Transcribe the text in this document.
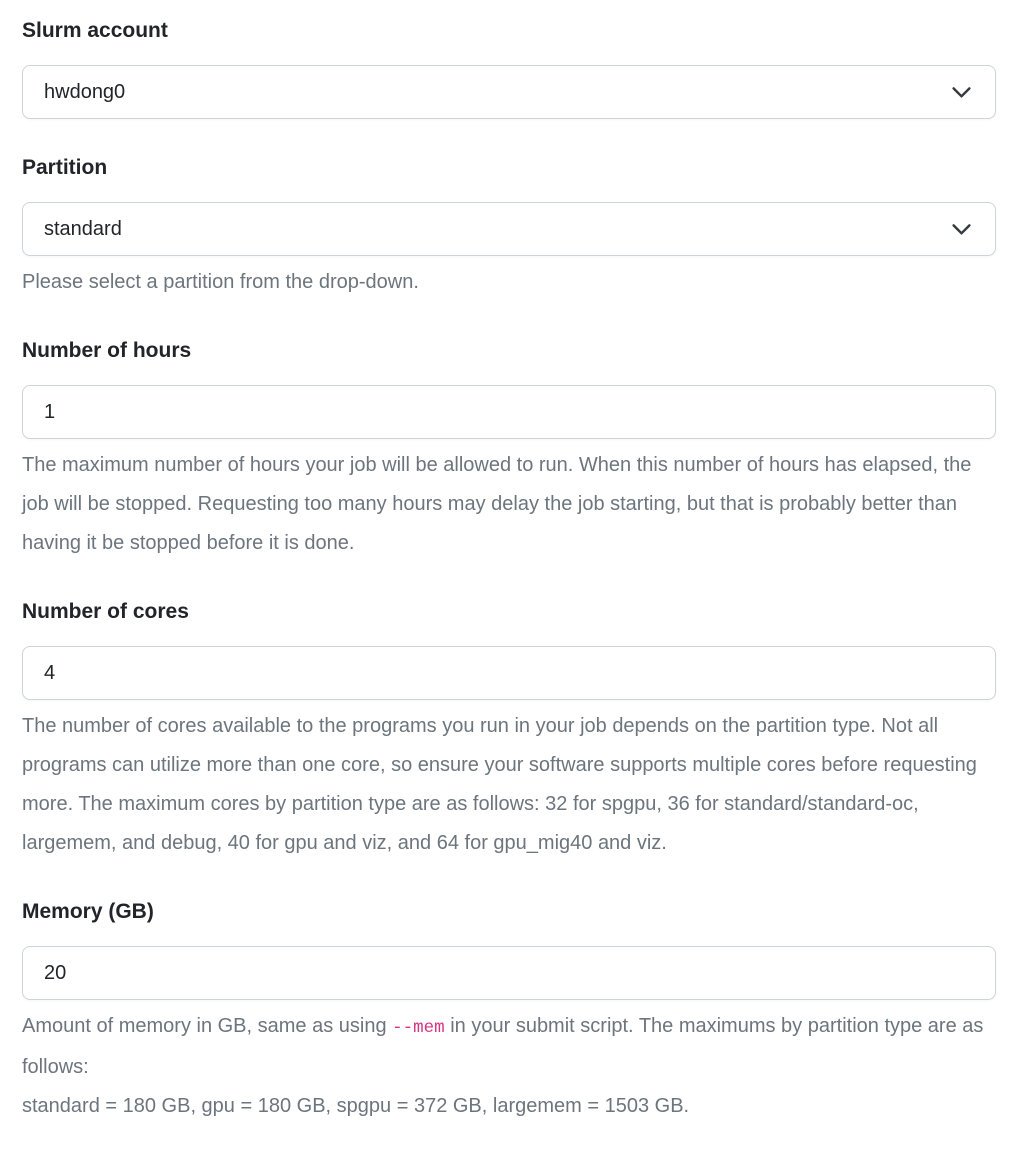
Slurm account
hwdong0
Partition
standard

Please select a partition from the drop-down.

Number of hours
1

The maximum number of hours your job will be allowed to run. When this number of hours has elapsed, the job will be stopped. Requesting too many hours may delay the job starting, but that is probably better than having it be stopped before it is done.

Number of cores
4

The number of cores available to the programs you run in your job depends on the partition type. Not all programs can utilize more than one core, so ensure your software supports multiple cores before requesting more. The maximum cores by partition type are as follows: 32 for spgpu, 36 for standard/standard-oc, largemem, and debug, 40 for gpu and viz, and 64 for gpu_mig40 and viz.

Memory (GB)
20

Amount of memory in GB, same as using --mem in your submit script. The maximums by partition type are as follows:
standard = 180 GB, gpu = 180 GB, spgpu = 372 GB, largemem = 1503 GB.
